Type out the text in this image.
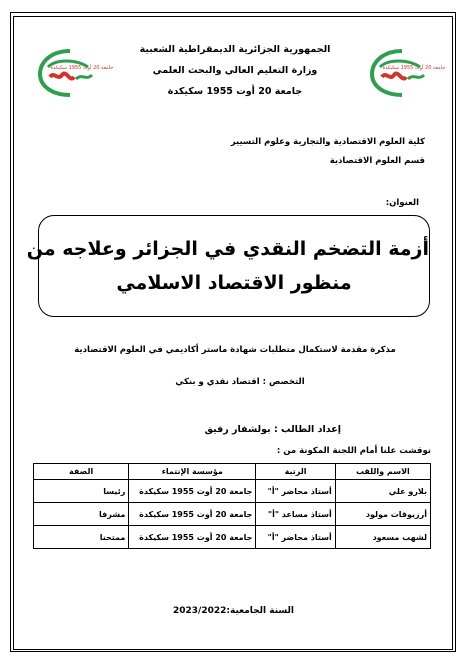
جامعة 20 أوت 1955 سكيكدة	جامعة 20 أوت 1955 سكيكدة
الجمهورية الجزائرية الديمقراطية الشعبية
وزارة التعليم العالي والبحث العلمي
جامعة 20 أوت 1955 سكيكدة
كلية العلوم الاقتصادية والتجارية وعلوم التسيير
قسم العلوم الاقتصادية
العنوان:
أزمة التضخم النقدي في الجزائر وعلاجه من
منظور الاقتصاد الاسلامي
مذكرة مقدمة لاستكمال متطلبات شهادة ماستر أكاديمي في العلوم الاقتصادية
التخصص : اقتصاد نقدي و بنكي
إعداد الطالب : بولشفار رفيق
نوقشت علنا أمام اللجنة المكونة من :
الاسم واللقب	الرتبة	مؤسسة الإنتماء	الصفة
بلارو علي	أستاذ محاضر "أ"	جامعة 20 أوت 1955 سكيكدة	رئيسا
أرزيوقات مولود	أستاذ مساعد "أ"	جامعة 20 أوت 1955 سكيكدة	مشرفا
لشهب مسعود	أستاذ محاضر "أ"	جامعة 20 أوت 1955 سكيكدة	ممتحنا
السنة الجامعية:2023/2022
